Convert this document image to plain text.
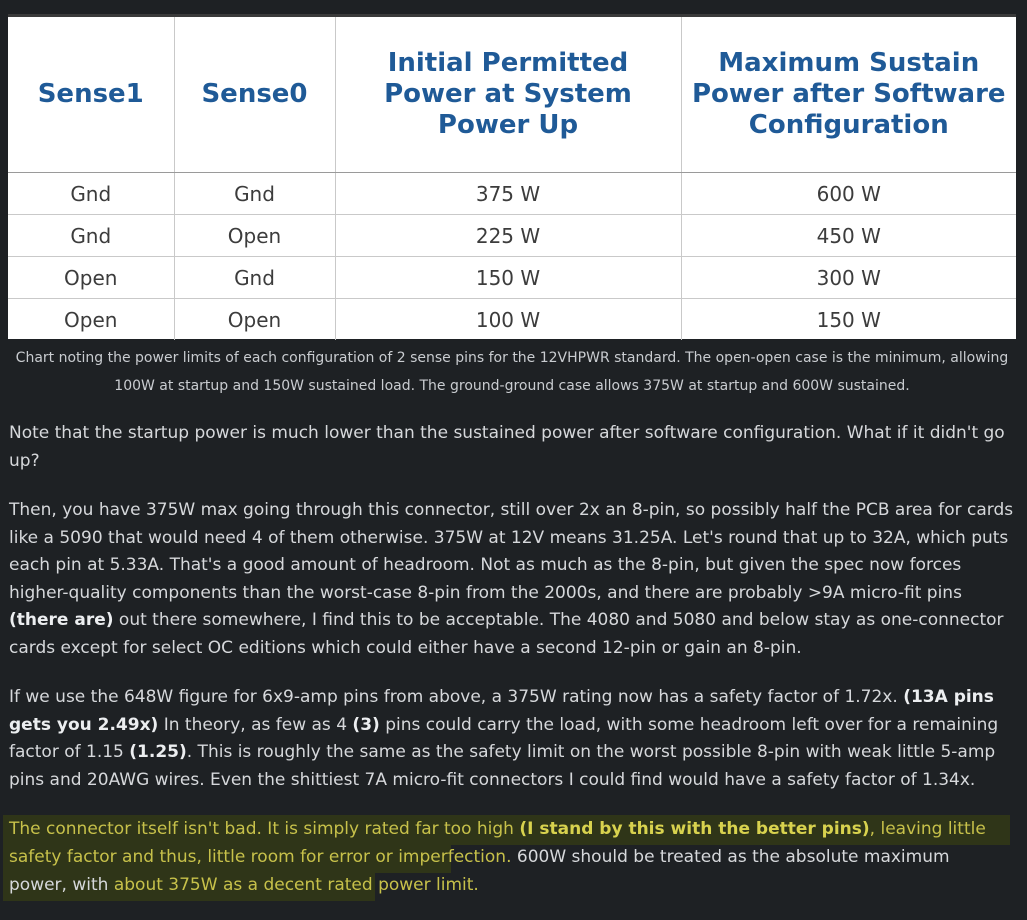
Sense1	Sense0	Initial Permitted Power at System Power Up	Maximum Sustain Power after Software Configuration
Gnd	Gnd	375 W	600 W
Gnd	Open	225 W	450 W
Open	Gnd	150 W	300 W
Open	Open	100 W	150 W
Chart noting the power limits of each configuration of 2 sense pins for the 12VHPWR standard. The open-open case is the minimum, allowing 100W at startup and 150W sustained load. The ground-ground case allows 375W at startup and 600W sustained.

Note that the startup power is much lower than the sustained power after software configuration. What if it didn't go up?

Then, you have 375W max going through this connector, still over 2x an 8-pin, so possibly half the PCB area for cards like a 5090 that would need 4 of them otherwise. 375W at 12V means 31.25A. Let's round that up to 32A, which puts each pin at 5.33A. That's a good amount of headroom. Not as much as the 8-pin, but given the spec now forces higher-quality components than the worst-case 8-pin from the 2000s, and there are probably >9A micro-fit pins (there are) out there somewhere, I find this to be acceptable. The 4080 and 5080 and below stay as one-connector cards except for select OC editions which could either have a second 12-pin or gain an 8-pin.

If we use the 648W figure for 6x9-amp pins from above, a 375W rating now has a safety factor of 1.72x. (13A pins gets you 2.49x) In theory, as few as 4 (3) pins could carry the load, with some headroom left over for a remaining factor of 1.15 (1.25). This is roughly the same as the safety limit on the worst possible 8-pin with weak little 5-amp pins and 20AWG wires. Even the shittiest 7A micro-fit connectors I could find would have a safety factor of 1.34x.

The connector itself isn't bad. It is simply rated far too high (I stand by this with the better pins), leaving little safety factor and thus, little room for error or imperfection. 600W should be treated as the absolute maximum power, with about 375W as a decent rated power limit.
